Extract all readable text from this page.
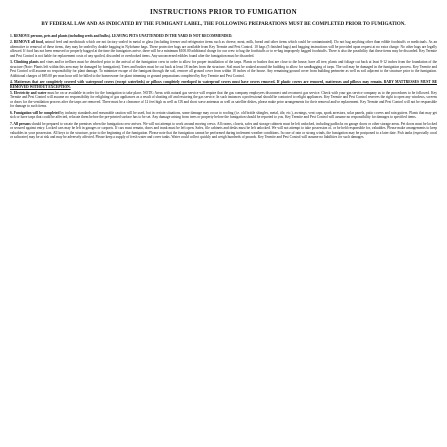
INSTRUCTIONS PRIOR TO FUMIGATION
BY FEDERAL LAW AND AS INDICATED BY THE FUMIGANT LABEL, THE FOLLOWING PREPARATIONS MUST BE COMPLETED PRIOR TO FUMIGATION.
1. REMOVE persons, pets and plants (including seeds and bulbs). LEAVING PETS UNATTENDED IN THE YARD IS NOT RECOMMENDED.
2. REMOVE all food, animal feed and medicinals which are not factory sealed in metal or glass (including freezer and refrigerator items such as cheese, meat, milk, bread and other items which could be contaminated). Do not bag anything other than edible foodstuffs or medicinals. As an alternative to removal of these items, they may be sealed by double bagging in Nylofume bags. These protective bags are available from Key Termite and Pest Control. 10 bags (5 finished bags) and bagging instructions will be provided upon request at no extra charge. No other bags are legally allowed. If food has not been removed or properly bagged at the time the fumigators arrive, there will be a minimum $100.00 additional charge for our crew to bag the foodstuffs or to re-bag improperly bagged foodstuffs. There is also the possibility that these items may be discarded. Key Termite and Pest Control is not liable for replacement costs of any spoiled, discarded or overlooked items. Any unconcerned edibles found after the fumigation must be discarded.
3. Climbing plants and vines and/or trellises must be detached prior to the arrival of the fumigation crew in order to allow for proper installation of the tarps. Plants or bushes that are close to the house, have all tree, plants and foliage cut back at least 8-12 inches from the foundation of the structure (Note: Plants left within this area may be damaged by fumigation). Trees and bushes must be cut back at least 18 inches from the structure. Soil must be soaked around the building to allow for sandbagging of tarps. The soil may be damaged in the fumigation process. Key Termite and Pest Control will assume no responsibility for plant damage. To minimize escape of the fumigant through the soil, remove all ground cover from within 18 inches of the house. Any remaining ground cover from building perimeter as well as soil adjacent to the structure prior to the fumigation. Additional charges of $85.00 per man hour will be billed to the homeowner for plant trimming or ground preparations completed by Key Termite and Pest Control.
4. Mattresses that are completely covered with waterproof covers (except waterbeds) or pillows completely enveloped in waterproof covers must have covers removed. If plastic covers are removed, mattresses and pillows may remain. BABY MATTRESSES MUST BE REMOVED WITHOUT EXCEPTION.
5. Electricity and water must be on or available in order for the fumigation to take place. NOTE: Areas with natural gas service will require that the gas company employees disconnect and reconnect gas service. Check with your gas service company as to the procedures to be followed. Key Termite and Pest Control will assume no responsibility for relighting of gas appliances as a result of shutting off and restoring the gas service. In such instances a professional should be contacted to relight appliances. Key Termite and Pest Control reserves the right to open any windows, screens or doors for the ventilation process after the tarps are removed. There must be a clearance of 12 feet high as well as CB and short wave antennas as well as satellite dishes, please make prior arrangements for their removal and/or replacement. Key Termite and Pest Control will not be responsible for damage to such items.
6. Fumigation will be completed by industry standards and reasonable caution will be used, but in certain situations, some damage may occur to roofing (i.e. old brittle shingles, metal, tile, etc.), awnings, vent caps, spark arrestors, solar panels, patio covers and rain gutters. Plants that may get sick or have tarps that could be affected, relocate them before the pre-printed surface has to be set. Any damage arising from trees or property before the fumigation should be reported to you. Key Termite and Pest Control will assume no responsibility for damages to specified items.
7. All persons should be prepared to vacate the premises when the fumigation crew arrives. We will not attempt to work around moving crews. All rooms, closets, safes and storage cabinets must be left unlocked, including padlocks on garage doors or other storage areas. Pet doors must be locked or secured against entry. Locked cars may be left in garages or carports. If cars must remain, doors and trunk must be left open. Safes, file cabinets and desks must be left unlocked. We will not attempt to take possession of, or be held responsible for, valuables. Please make arrangements to keep valuables in your possession. All keys to the structure, prior to the beginning of the fumigation. Please note that the fumigation cannot be performed during inclement weather conditions. In case of rain or strong winds, the fumigation may be postponed to a later date. Fish tanks (especially coral or saltwater) may be at risk and may be adversely affected. Please keep a supply of fresh water and cover tanks. Water could collect quickly and weigh hundreds of pounds. Key Termite and Pest Control will assume no liabilities for such damages.
